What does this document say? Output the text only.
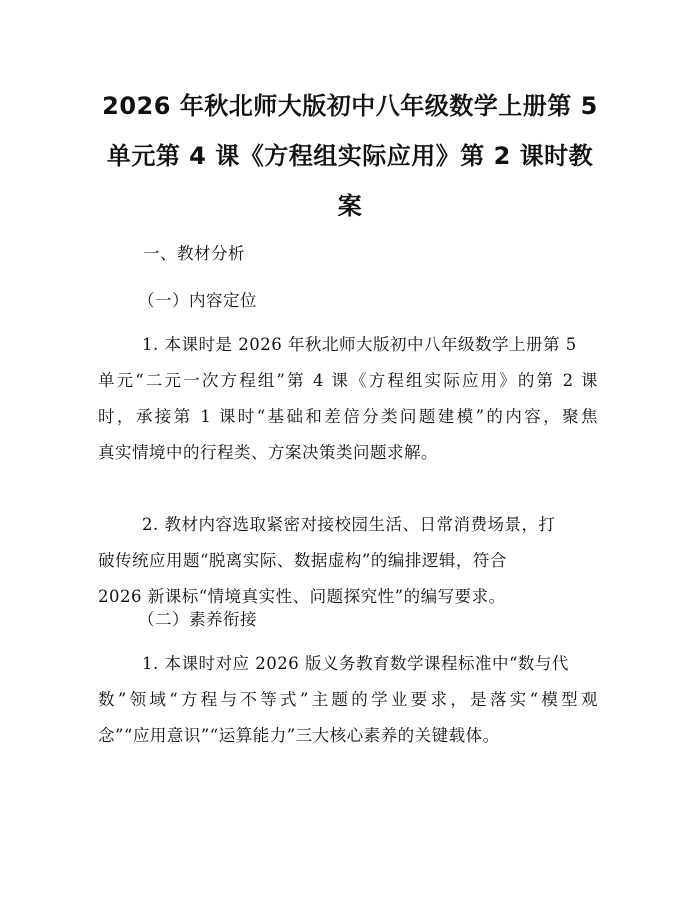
2026 年秋北师大版初中八年级数学上册第 5
单元第 4 课《方程组实际应用》第 2 课时教
案
一、教材分析
（一）内容定位
1. 本课时是 2026 年秋北师大版初中八年级数学上册第 5
单元“二元一次方程组”第 4 课《方程组实际应用》的第 2 课
时，承接第 1 课时“基础和差倍分类问题建模”的内容，聚焦
真实情境中的行程类、方案决策类问题求解。
2. 教材内容选取紧密对接校园生活、日常消费场景，打
破传统应用题“脱离实际、数据虚构”的编排逻辑，符合
2026 新课标“情境真实性、问题探究性”的编写要求。
（二）素养衔接
1. 本课时对应 2026 版义务教育数学课程标准中“数与代
数”领域“方程与不等式”主题的学业要求，是落实“模型观
念”“应用意识”“运算能力”三大核心素养的关键载体。
